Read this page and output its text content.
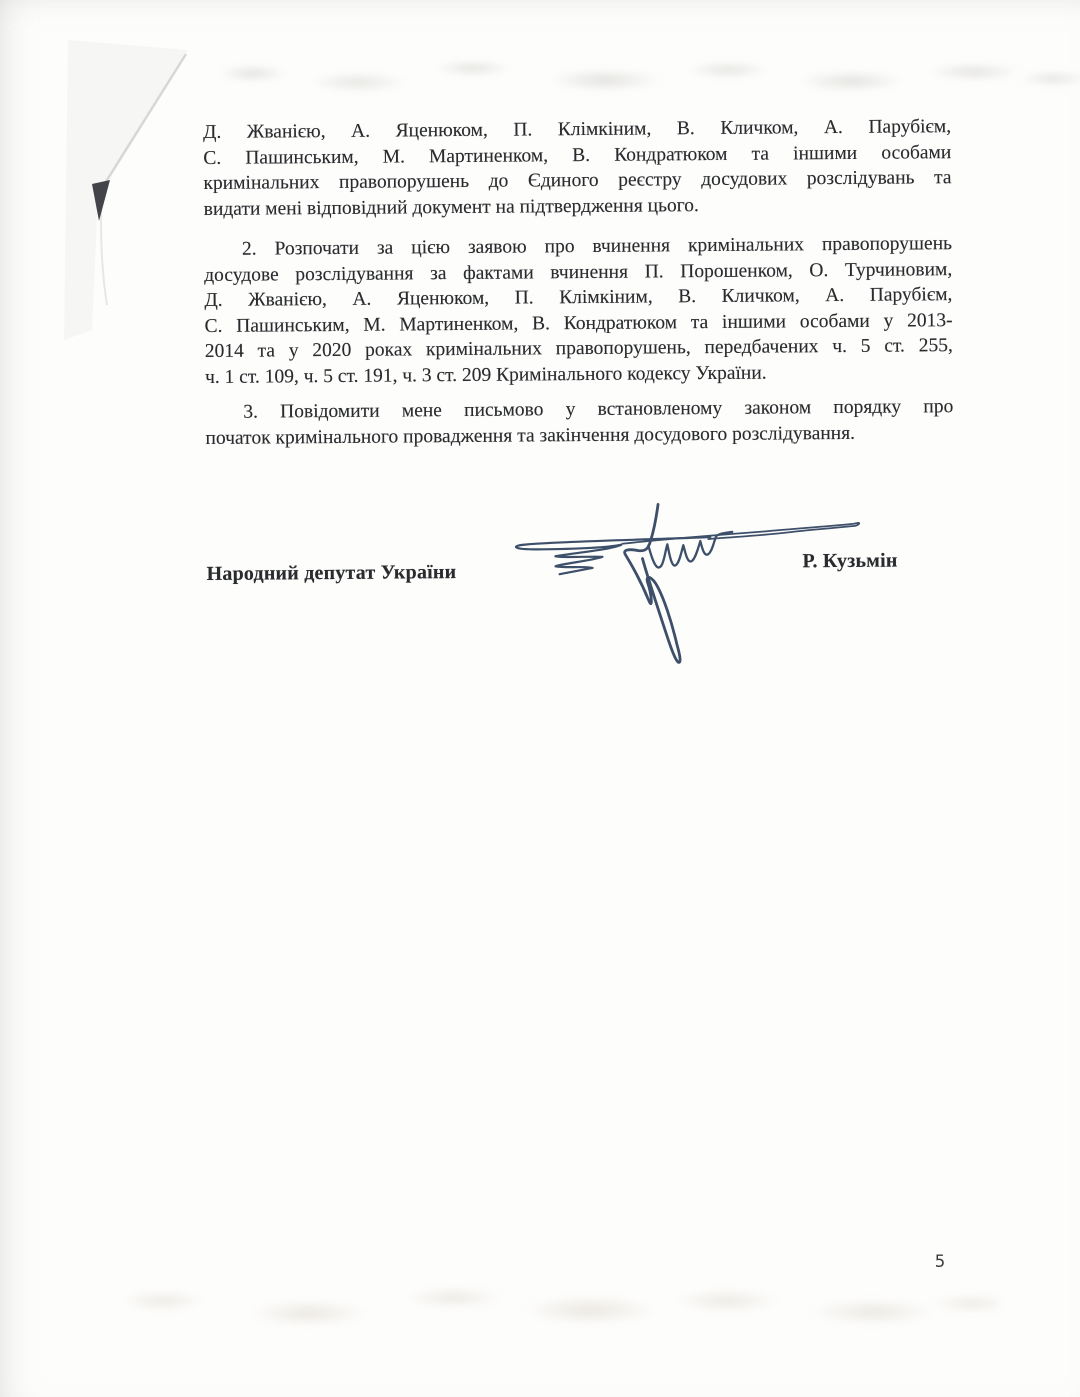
Д. Жванією, А. Яценюком, П. Клімкіним, В. Кличком, А. Парубієм,
С. Пашинським, М. Мартиненком, В. Кондратюком та іншими особами
кримінальних правопорушень до Єдиного реєстру досудових розслідувань та
видати мені відповідний документ на підтвердження цього.

2. Розпочати за цією заявою про вчинення кримінальних правопорушень
досудове розслідування за фактами вчинення П. Порошенком, О. Турчиновим,
Д. Жванією, А. Яценюком, П. Клімкіним, В. Кличком, А. Парубієм,
С. Пашинським, М. Мартиненком, В. Кондратюком та іншими особами у 2013-
2014 та у 2020 роках кримінальних правопорушень, передбачених ч. 5 ст. 255,
ч. 1 ст. 109, ч. 5 ст. 191, ч. 3 ст. 209 Кримінального кодексу України.

3. Повідомити мене письмово у встановленому законом порядку про
початок кримінального провадження та закінчення досудового розслідування.

Народний депутат України
Р. Кузьмін
5
